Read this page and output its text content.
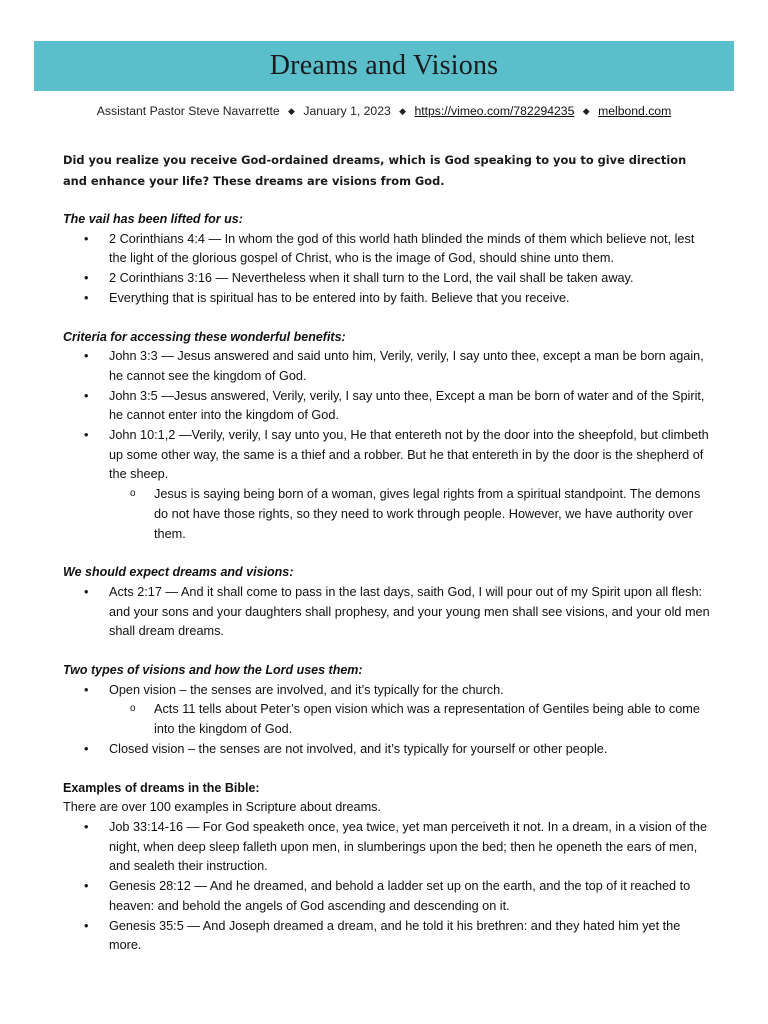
Dreams and Visions
Assistant Pastor Steve Navarrette ◆ January 1, 2023 ◆ https://vimeo.com/782294235 ◆ melbond.com

Did you realize you receive God-ordained dreams, which is God speaking to you to give direction and enhance your life? These dreams are visions from God.

The vail has been lifted for us:

• 2 Corinthians 4:4 — In whom the god of this world hath blinded the minds of them which believe not, lest the light of the glorious gospel of Christ, who is the image of God, should shine unto them.
• 2 Corinthians 3:16 — Nevertheless when it shall turn to the Lord, the vail shall be taken away.
• Everything that is spiritual has to be entered into by faith. Believe that you receive.

Criteria for accessing these wonderful benefits:

• John 3:3 — Jesus answered and said unto him, Verily, verily, I say unto thee, except a man be born again, he cannot see the kingdom of God.
• John 3:5 —Jesus answered, Verily, verily, I say unto thee, Except a man be born of water and of the Spirit, he cannot enter into the kingdom of God.
• John 10:1,2 —Verily, verily, I say unto you, He that entereth not by the door into the sheepfold, but climbeth up some other way, the same is a thief and a robber. But he that entereth in by the door is the shepherd of the sheep.
o Jesus is saying being born of a woman, gives legal rights from a spiritual standpoint. The demons do not have those rights, so they need to work through people. However, we have authority over them.

We should expect dreams and visions:

• Acts 2:17 — And it shall come to pass in the last days, saith God, I will pour out of my Spirit upon all flesh: and your sons and your daughters shall prophesy, and your young men shall see visions, and your old men shall dream dreams.

Two types of visions and how the Lord uses them:

• Open vision – the senses are involved, and it’s typically for the church.
o Acts 11 tells about Peter’s open vision which was a representation of Gentiles being able to come into the kingdom of God.
• Closed vision – the senses are not involved, and it’s typically for yourself or other people.

Examples of dreams in the Bible:

There are over 100 examples in Scripture about dreams.

• Job 33:14-16 — For God speaketh once, yea twice, yet man perceiveth it not. In a dream, in a vision of the night, when deep sleep falleth upon men, in slumberings upon the bed; then he openeth the ears of men, and sealeth their instruction.
• Genesis 28:12 — And he dreamed, and behold a ladder set up on the earth, and the top of it reached to heaven: and behold the angels of God ascending and descending on it.
• Genesis 35:5 — And Joseph dreamed a dream, and he told it his brethren: and they hated him yet the more.
